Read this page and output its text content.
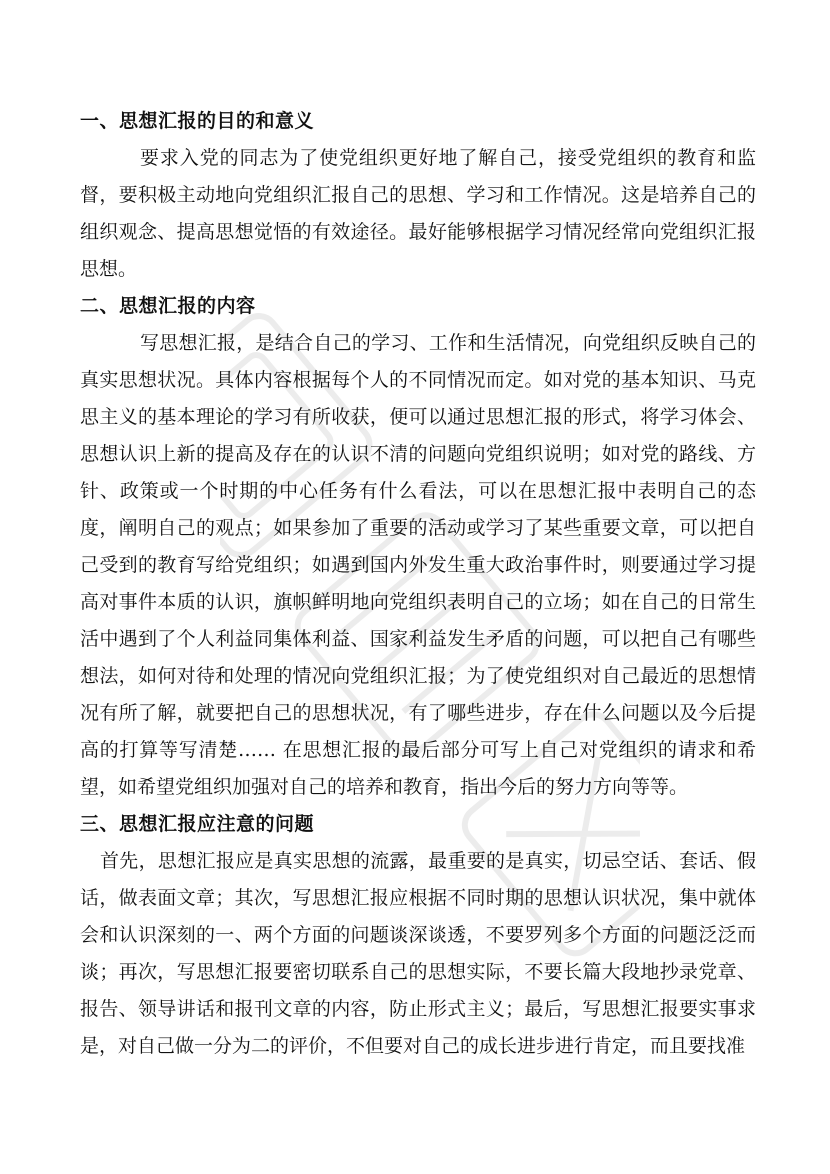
一、思想汇报的目的和意义

要求入党的同志为了使党组织更好地了解自己，接受党组织的教育和监督，要积极主动地向党组织汇报自己的思想、学习和工作情况。这是培养自己的组织观念、提高思想觉悟的有效途径。最好能够根据学习情况经常向党组织汇报思想。

二、思想汇报的内容

写思想汇报，是结合自己的学习、工作和生活情况，向党组织反映自己的真实思想状况。具体内容根据每个人的不同情况而定。如对党的基本知识、马克思主义的基本理论的学习有所收获，便可以通过思想汇报的形式，将学习体会、思想认识上新的提高及存在的认识不清的问题向党组织说明；如对党的路线、方针、政策或一个时期的中心任务有什么看法，可以在思想汇报中表明自己的态度，阐明自己的观点；如果参加了重要的活动或学习了某些重要文章，可以把自己受到的教育写给党组织；如遇到国内外发生重大政治事件时，则要通过学习提高对事件本质的认识，旗帜鲜明地向党组织表明自己的立场；如在自己的日常生活中遇到了个人利益同集体利益、国家利益发生矛盾的问题，可以把自己有哪些想法，如何对待和处理的情况向党组织汇报；为了使党组织对自己最近的思想情况有所了解，就要把自己的思想状况，有了哪些进步，存在什么问题以及今后提高的打算等写清楚…… 在思想汇报的最后部分可写上自己对党组织的请求和希望，如希望党组织加强对自己的培养和教育，指出今后的努力方向等等。

三、思想汇报应注意的问题

首先，思想汇报应是真实思想的流露，最重要的是真实，切忌空话、套话、假话，做表面文章；其次，写思想汇报应根据不同时期的思想认识状况，集中就体会和认识深刻的一、两个方面的问题谈深谈透，不要罗列多个方面的问题泛泛而谈；再次，写思想汇报要密切联系自己的思想实际，不要长篇大段地抄录党章、报告、领导讲话和报刊文章的内容，防止形式主义；最后，写思想汇报要实事求是，对自己做一分为二的评价，不但要对自己的成长进步进行肯定，而且要找准
